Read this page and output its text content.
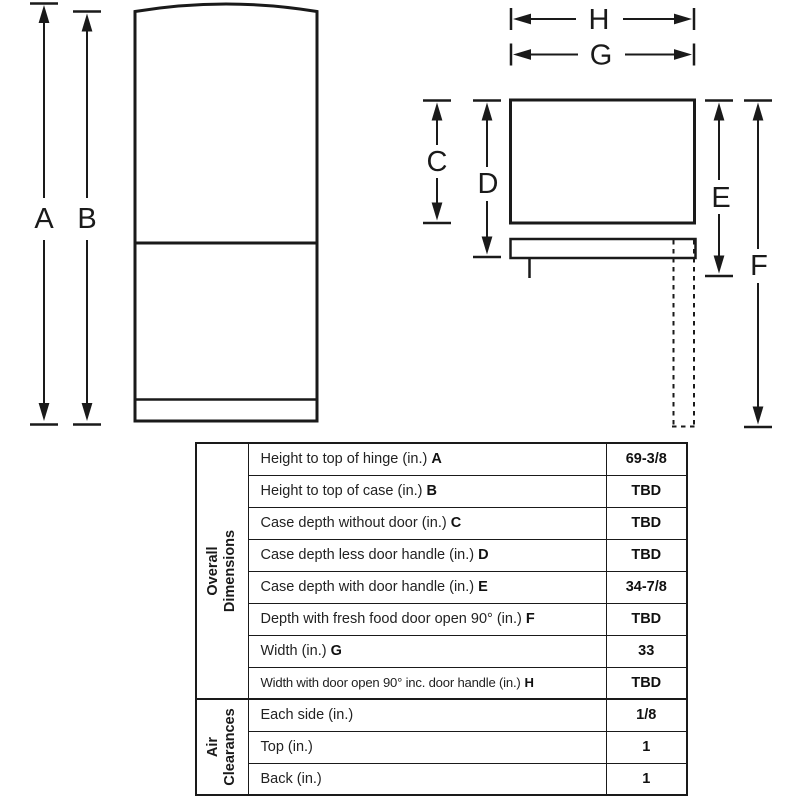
A B
H
G
C
D	E
F
Overall
Dimensions	Height to top of hinge (in.) A	69-3/8
	Height to top of case (in.) B	TBD
	Case depth without door (in.) C	TBD
	Case depth less door handle (in.) D	TBD
	Case depth with door handle (in.) E	34-7/8
	Depth with fresh food door open 90° (in.) F	TBD
	Width (in.) G	33
	Width with door open 90° inc. door handle (in.) H	TBD

Air
Clearances	Each side (in.)	1/8
	Top (in.)	1
	Back (in.)	1
